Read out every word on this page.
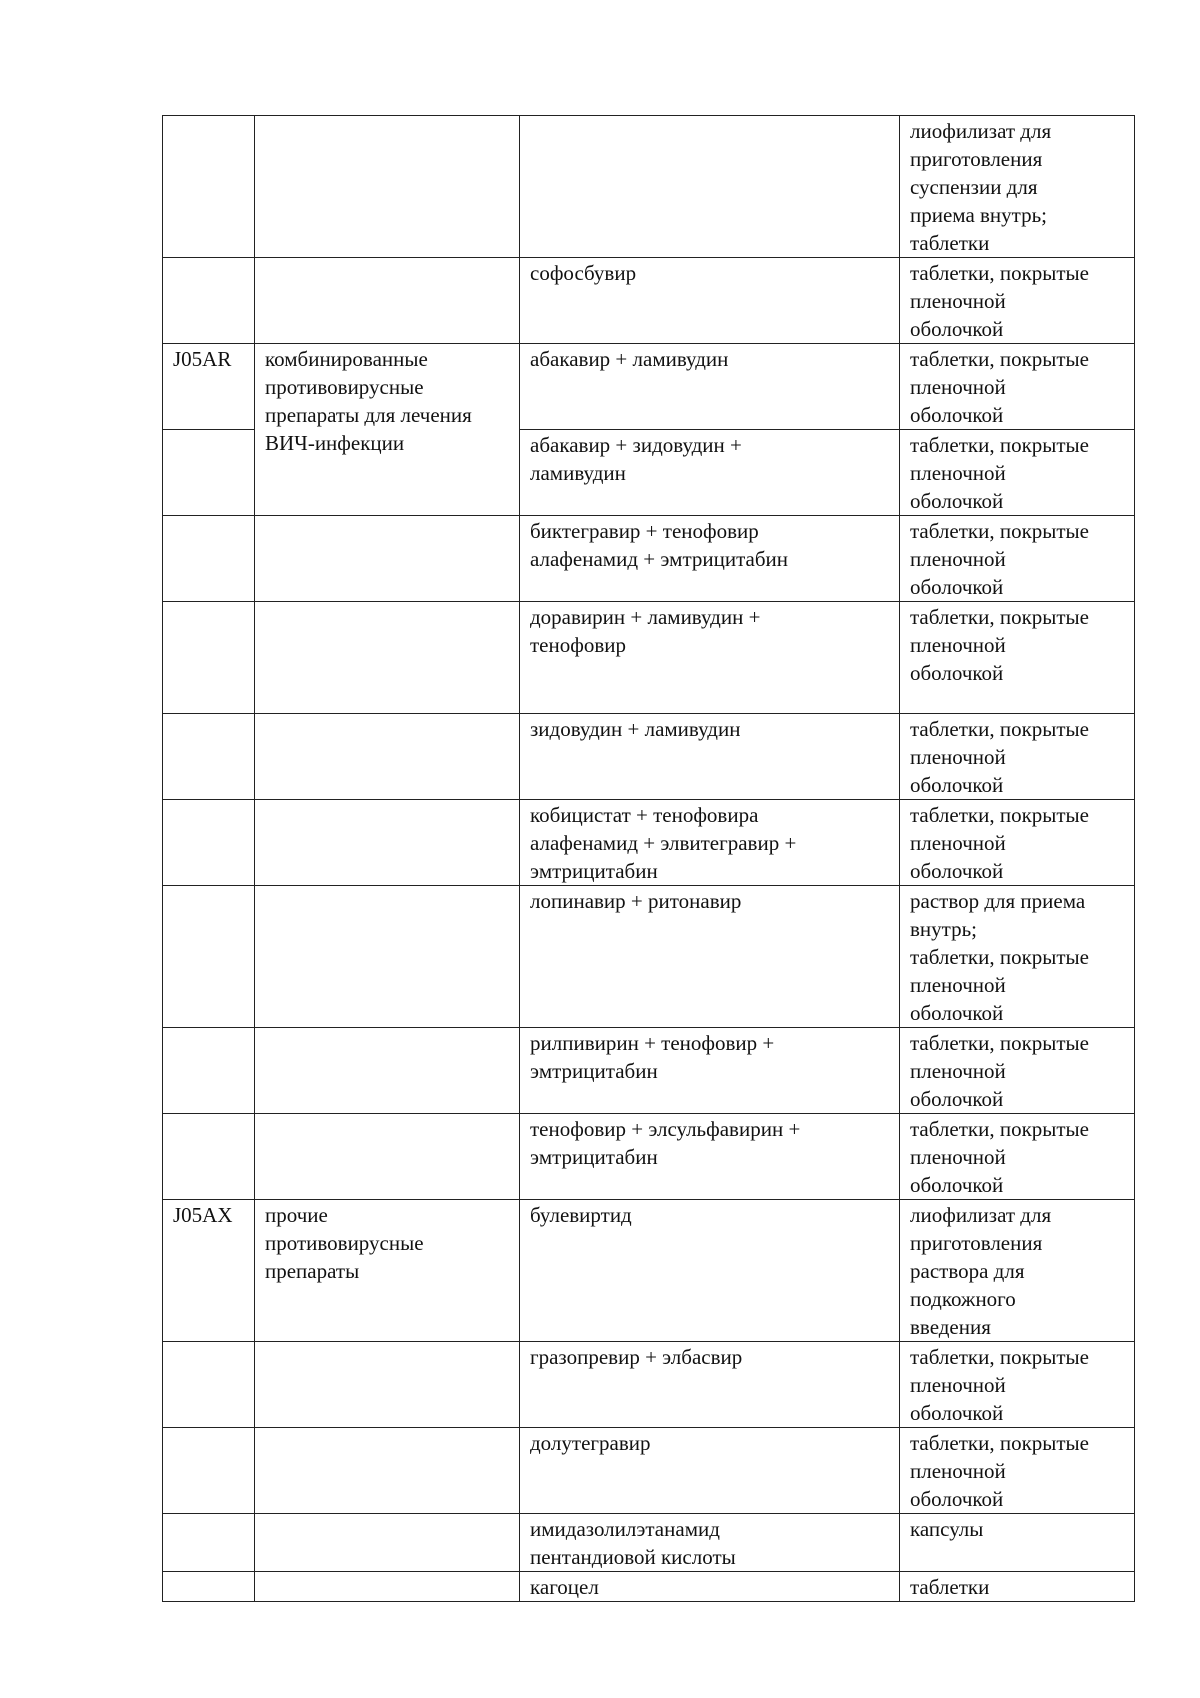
			лиофилизат для
приготовления
суспензии для
приема внутрь;
таблетки

		софосбувир	таблетки, покрытые
пленочной
оболочкой

J05AR	комбинированные
противовирусные
препараты для лечения
ВИЧ-инфекции	абакавир + ламивудин	таблетки, покрытые
пленочной
оболочкой

		абакавир + зидовудин +
ламивудин	таблетки, покрытые
пленочной
оболочкой

		биктегравир + тенофовир
алафенамид + эмтрицитабин	таблетки, покрытые
пленочной
оболочкой

		доравирин + ламивудин +
тенофовир	таблетки, покрытые
пленочной
оболочкой

		зидовудин + ламивудин	таблетки, покрытые
пленочной
оболочкой

		кобицистат + тенофовира
алафенамид + элвитегравир +
эмтрицитабин	таблетки, покрытые
пленочной
оболочкой

		лопинавир + ритонавир	раствор для приема
внутрь;
таблетки, покрытые
пленочной
оболочкой

		рилпивирин + тенофовир +
эмтрицитабин	таблетки, покрытые
пленочной
оболочкой

		тенофовир + элсульфавирин +
эмтрицитабин	таблетки, покрытые
пленочной
оболочкой

J05AX	прочие
противовирусные
препараты	булевиртид	лиофилизат для
приготовления
раствора для
подкожного
введения

		гразопревир + элбасвир	таблетки, покрытые
пленочной
оболочкой

		долутегравир	таблетки, покрытые
пленочной
оболочкой

		имидазолилэтанамид
пентандиовой кислоты	капсулы

		кагоцел	таблетки
